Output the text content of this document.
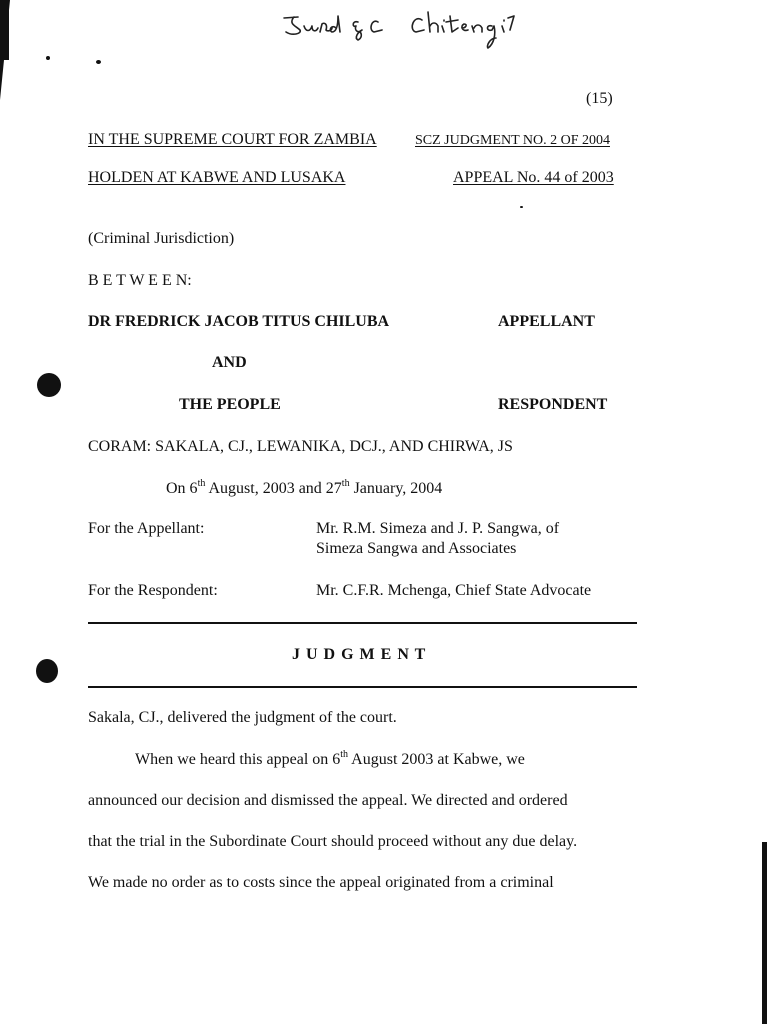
(15)
IN THE SUPREME COURT FOR ZAMBIA	SCZ JUDGMENT NO. 2 OF 2004
HOLDEN AT KABWE AND LUSAKA	APPEAL No. 44 of 2003
(Criminal Jurisdiction)
B E T W E E N:
DR FREDRICK JACOB TITUS CHILUBA	APPELLANT
AND
THE PEOPLE	RESPONDENT
CORAM: SAKALA, CJ., LEWANIKA, DCJ., AND CHIRWA, JS
On 6th August, 2003 and 27th January, 2004
For the Appellant:	Mr. R.M. Simeza and J. P. Sangwa, of
Simeza Sangwa and Associates
For the Respondent:	Mr. C.F.R. Mchenga, Chief State Advocate
J U D G M E N T
Sakala, CJ., delivered the judgment of the court.
When we heard this appeal on 6th August 2003 at Kabwe, we
announced our decision and dismissed the appeal. We directed and ordered
that the trial in the Subordinate Court should proceed without any due delay.
We made no order as to costs since the appeal originated from a criminal
